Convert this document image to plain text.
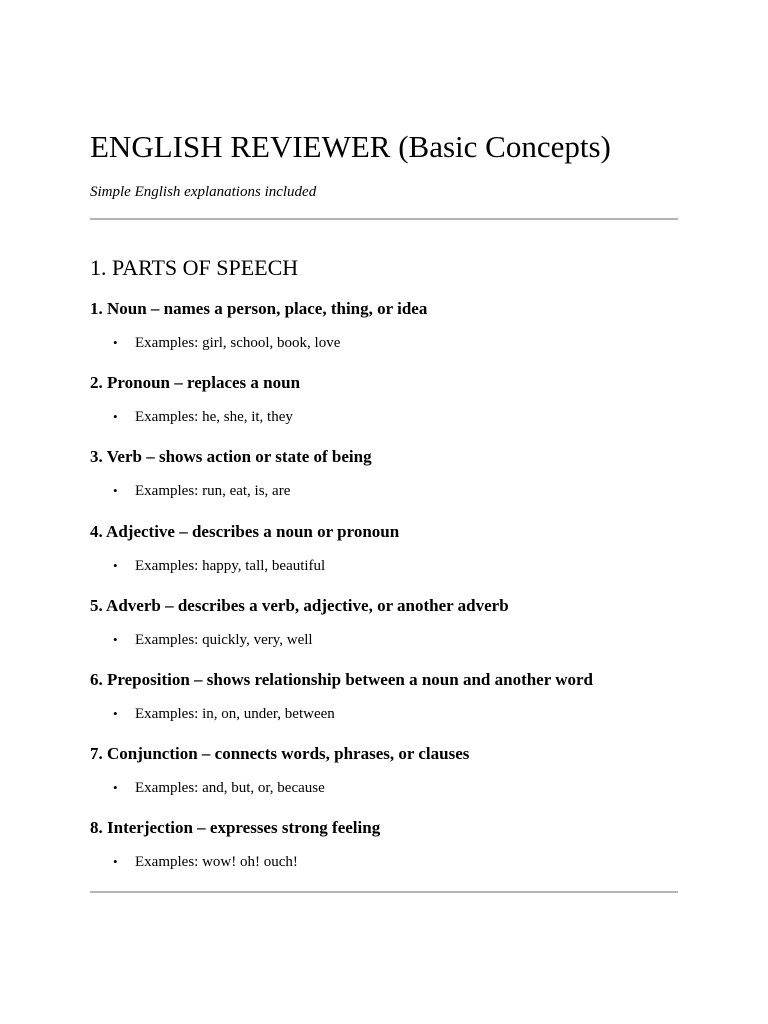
ENGLISH REVIEWER (Basic Concepts)

Simple English explanations included

1. PARTS OF SPEECH

1. Noun – names a person, place, thing, or idea

• Examples: girl, school, book, love

2. Pronoun – replaces a noun

• Examples: he, she, it, they

3. Verb – shows action or state of being

• Examples: run, eat, is, are

4. Adjective – describes a noun or pronoun

• Examples: happy, tall, beautiful

5. Adverb – describes a verb, adjective, or another adverb

• Examples: quickly, very, well

6. Preposition – shows relationship between a noun and another word

• Examples: in, on, under, between

7. Conjunction – connects words, phrases, or clauses

• Examples: and, but, or, because

8. Interjection – expresses strong feeling

• Examples: wow! oh! ouch!
